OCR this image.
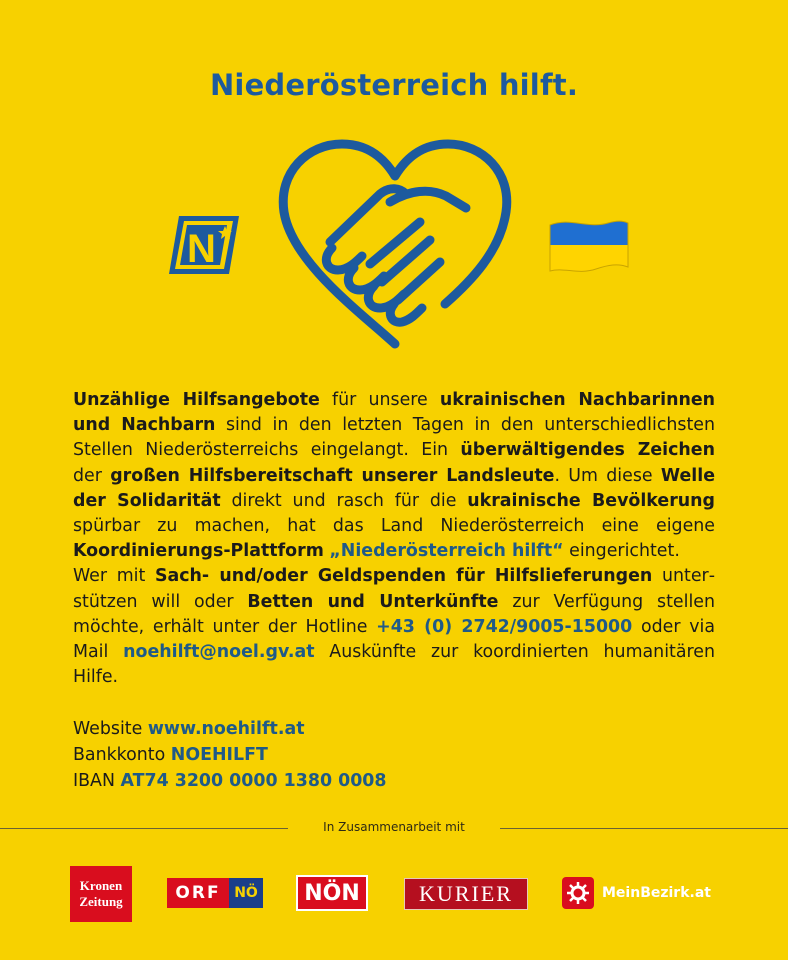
Niederösterreich hilft.
N
Unzählige Hilfsangebote für unsere ukrainischen Nachbarinnen und Nachbarn sind in den letzten Tagen in den unterschiedlichsten Stellen Niederösterreichs eingelangt. Ein überwältigendes Zeichen der großen Hilfsbereitschaft unserer Landsleute. Um diese Welle der Solidarität direkt und rasch für die ukrainische Bevölkerung spürbar zu machen, hat das Land Niederösterreich eine eigene Koordinierungs-Plattform „Niederösterreich hilft“ eingerichtet.
Wer mit Sach- und/oder Geldspenden für Hilfslieferungen unterstützen will oder Betten und Unterkünfte zur Verfügung stellen möchte, erhält unter der Hotline +43 (0) 2742/9005-15000 oder via Mail noehilft@noel.gv.at Auskünfte zur koordinierten humanitären Hilfe.
Website www.noehilft.at
Bankkonto NOEHILFT
IBAN AT74 3200 0000 1380 0008
In Zusammenarbeit mit
Kronen
Zeitung	ORF NÖ	NÖN	KURIER	MeinBezirk.at
